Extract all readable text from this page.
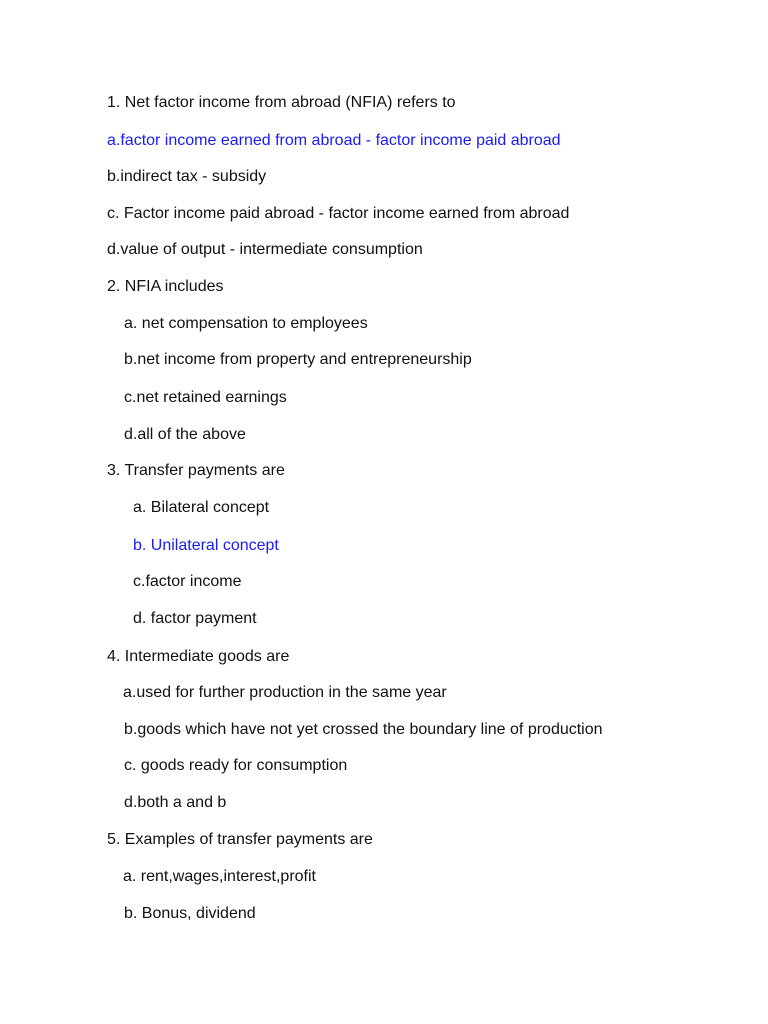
1. Net factor income from abroad (NFIA) refers to
a.factor income earned from abroad - factor income paid abroad
b.indirect tax - subsidy
c. Factor income paid abroad - factor income earned from abroad
d.value of output - intermediate consumption
2. NFIA includes
a. net compensation to employees
b.net income from property and entrepreneurship
c.net retained earnings
d.all of the above
3. Transfer payments are
a. Bilateral concept
b. Unilateral concept
c.factor income
d. factor payment
4. Intermediate goods are
a.used for further production in the same year
b.goods which have not yet crossed the boundary line of production
c. goods ready for consumption
d.both a and b
5. Examples of transfer payments are
a. rent,wages,interest,profit
b. Bonus, dividend
